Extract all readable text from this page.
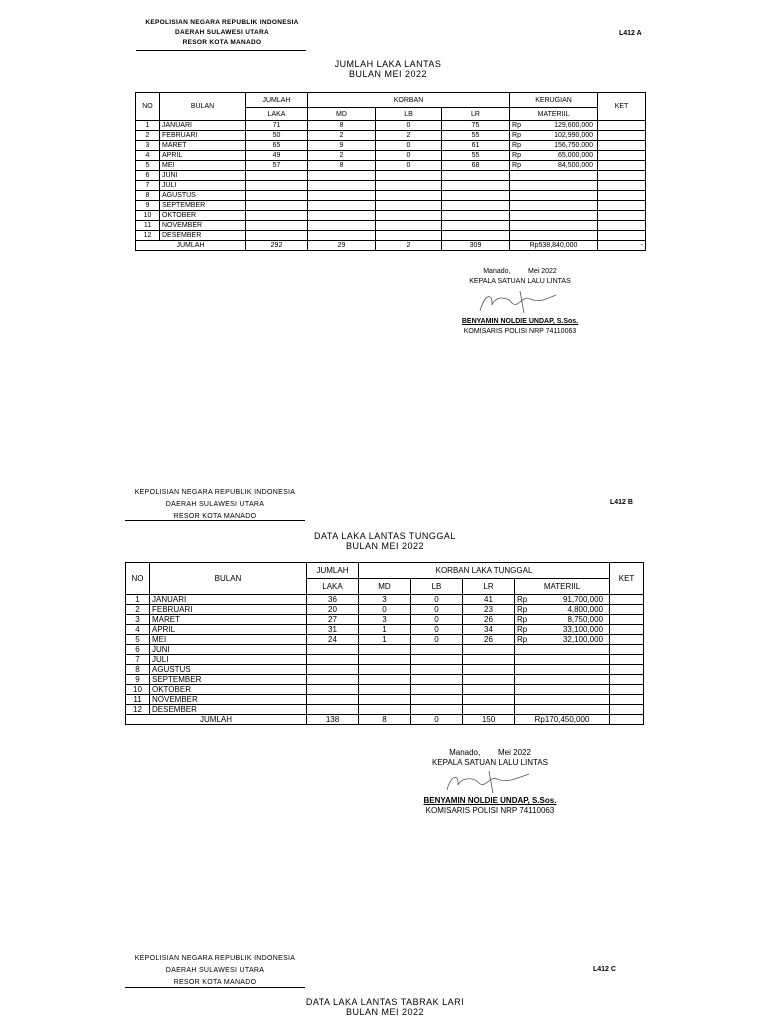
KEPOLISIAN NEGARA REPUBLIK INDONESIA
DAERAH SULAWESI UTARA
RESOR KOTA MANADO
L412 A
JUMLAH LAKA LANTAS
BULAN MEI 2022
NO	BULAN	JUMLAH	KORBAN			KERUGIAN	KET
		LAKA	MD	LB	LR	MATERIIL	
1	JANUARI	71	8	0	75	Rp 129,600,000	

2	FEBRUARI	50	2	2	55	Rp 102,990,000	

3	MARET	65	9	0	61	Rp 156,750,000	

4	APRIL	49	2	0	55	Rp 65,000,000	

5	MEI	57	8	0	68	Rp 84,500,000	

6	JUNI					

7	JULI					

8	AGUSTUS					

9	SEPTEMBER					

10	OKTOBER					

11	NOVEMBER					

12	DESEMBER					

JUMLAH		292	29	2	309	Rp538,840,000	-
Manado,	Mei 2022
KEPALA SATUAN LALU LINTAS
BENYAMIN NOLDIE UNDAP, S.Sos.
KOMISARIS POLISI NRP 74110063
KEPOLISIAN NEGARA REPUBLIK INDONESIA
DAERAH SULAWESI UTARA
RESOR KOTA MANADO
L412 B
DATA LAKA LANTAS TUNGGAL
BULAN MEI 2022
NO	BULAN	JUMLAH	KORBAN LAKA TUNGGAL				KET
		LAKA	MD	LB	LR	MATERIIL	
1	JANUARI	36	3	0	41	Rp 91,700,000	

2	FEBRUARI	20	0	0	23	Rp 4,800,000	

3	MARET	27	3	0	26	Rp 8,750,000	

4	APRIL	31	1	0	34	Rp 33,100,000	

5	MEI	24	1	0	26	Rp 32,100,000	

6	JUNI					

7	JULI					

8	AGUSTUS					

9	SEPTEMBER					

10	OKTOBER					

11	NOVEMBER					

12	DESEMBER					

JUMLAH		138	8	0	150	Rp170,450,000	
Manado, Mei 2022
KEPALA SATUAN LALU LINTAS
BENYAMIN NOLDIE UNDAP, S.Sos.
KOMISARIS POLISI NRP 74110063
KEPOLISIAN NEGARA REPUBLIK INDONESIA
DAERAH SULAWESI UTARA
RESOR KOTA MANADO
L412 C
DATA LAKA LANTAS TABRAK LARI
BULAN MEI 2022
